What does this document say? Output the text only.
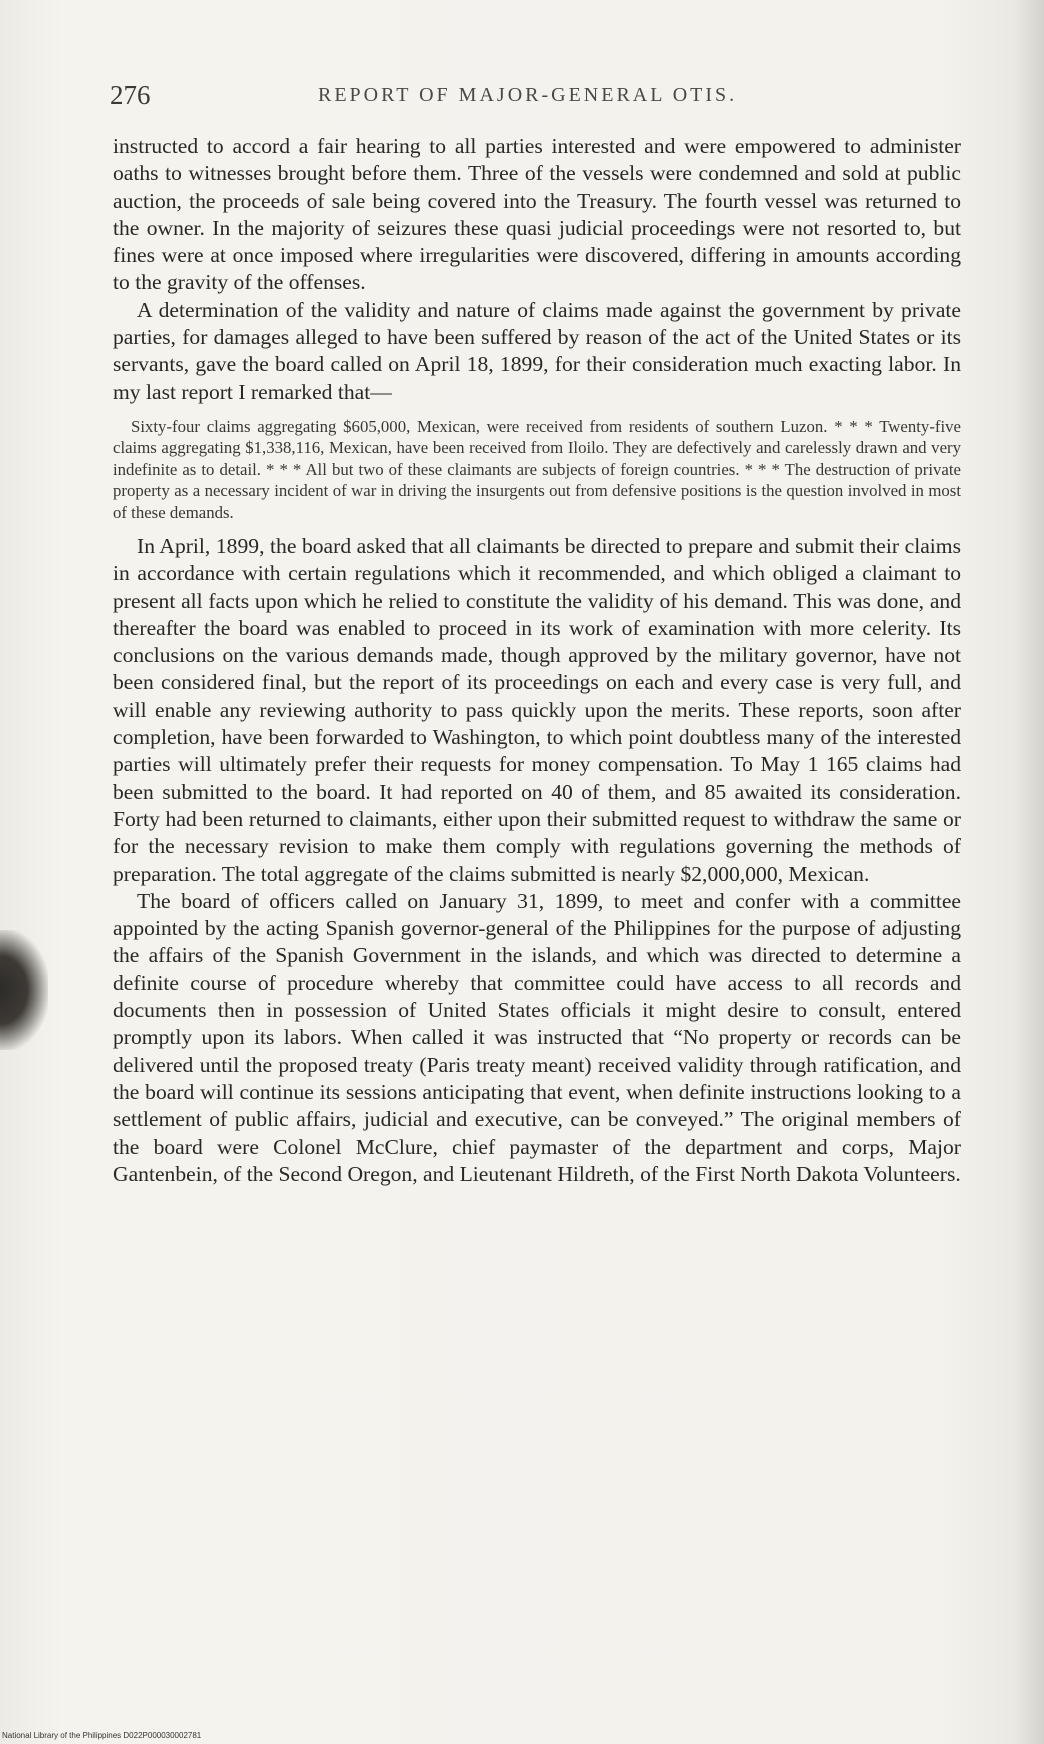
276	REPORT OF MAJOR-GENERAL OTIS.

instructed to accord a fair hearing to all parties interested and were empowered to administer oaths to witnesses brought before them. Three of the vessels were condemned and sold at public auction, the proceeds of sale being covered into the Treasury. The fourth vessel was returned to the owner. In the majority of seizures these quasi judicial proceedings were not resorted to, but fines were at once imposed where irregularities were discovered, differing in amounts according to the gravity of the offenses.

A determination of the validity and nature of claims made against the government by private parties, for damages alleged to have been suffered by reason of the act of the United States or its servants, gave the board called on April 18, 1899, for their consideration much exacting labor. In my last report I remarked that—

Sixty-four claims aggregating $605,000, Mexican, were received from residents of southern Luzon. * * * Twenty-five claims aggregating $1,338,116, Mexican, have been received from Iloilo. They are defectively and carelessly drawn and very indefinite as to detail. * * * All but two of these claimants are subjects of foreign countries. * * * The destruction of private property as a necessary incident of war in driving the insurgents out from defensive positions is the question involved in most of these demands.

In April, 1899, the board asked that all claimants be directed to prepare and submit their claims in accordance with certain regulations which it recommended, and which obliged a claimant to present all facts upon which he relied to constitute the validity of his demand. This was done, and thereafter the board was enabled to proceed in its work of examination with more celerity. Its conclusions on the various demands made, though approved by the military governor, have not been considered final, but the report of its proceedings on each and every case is very full, and will enable any reviewing authority to pass quickly upon the merits. These reports, soon after completion, have been forwarded to Washington, to which point doubtless many of the interested parties will ultimately prefer their requests for money compensation. To May 1 165 claims had been submitted to the board. It had reported on 40 of them, and 85 awaited its consideration. Forty had been returned to claimants, either upon their submitted request to withdraw the same or for the necessary revision to make them comply with regulations governing the methods of preparation. The total aggregate of the claims submitted is nearly $2,000,000, Mexican.

The board of officers called on January 31, 1899, to meet and confer with a committee appointed by the acting Spanish governor-general of the Philippines for the purpose of adjusting the affairs of the Spanish Government in the islands, and which was directed to determine a definite course of procedure whereby that committee could have access to all records and documents then in possession of United States officials it might desire to consult, entered promptly upon its labors. When called it was instructed that “No property or records can be delivered until the proposed treaty (Paris treaty meant) received validity through ratification, and the board will continue its sessions anticipating that event, when definite instructions looking to a settlement of public affairs, judicial and executive, can be conveyed.” The original members of the board were Colonel McClure, chief paymaster of the department and corps, Major Gantenbein, of the Second Oregon, and Lieutenant Hildreth, of the First North Dakota Volunteers.

National Library of the Philippines D022P000030002781
